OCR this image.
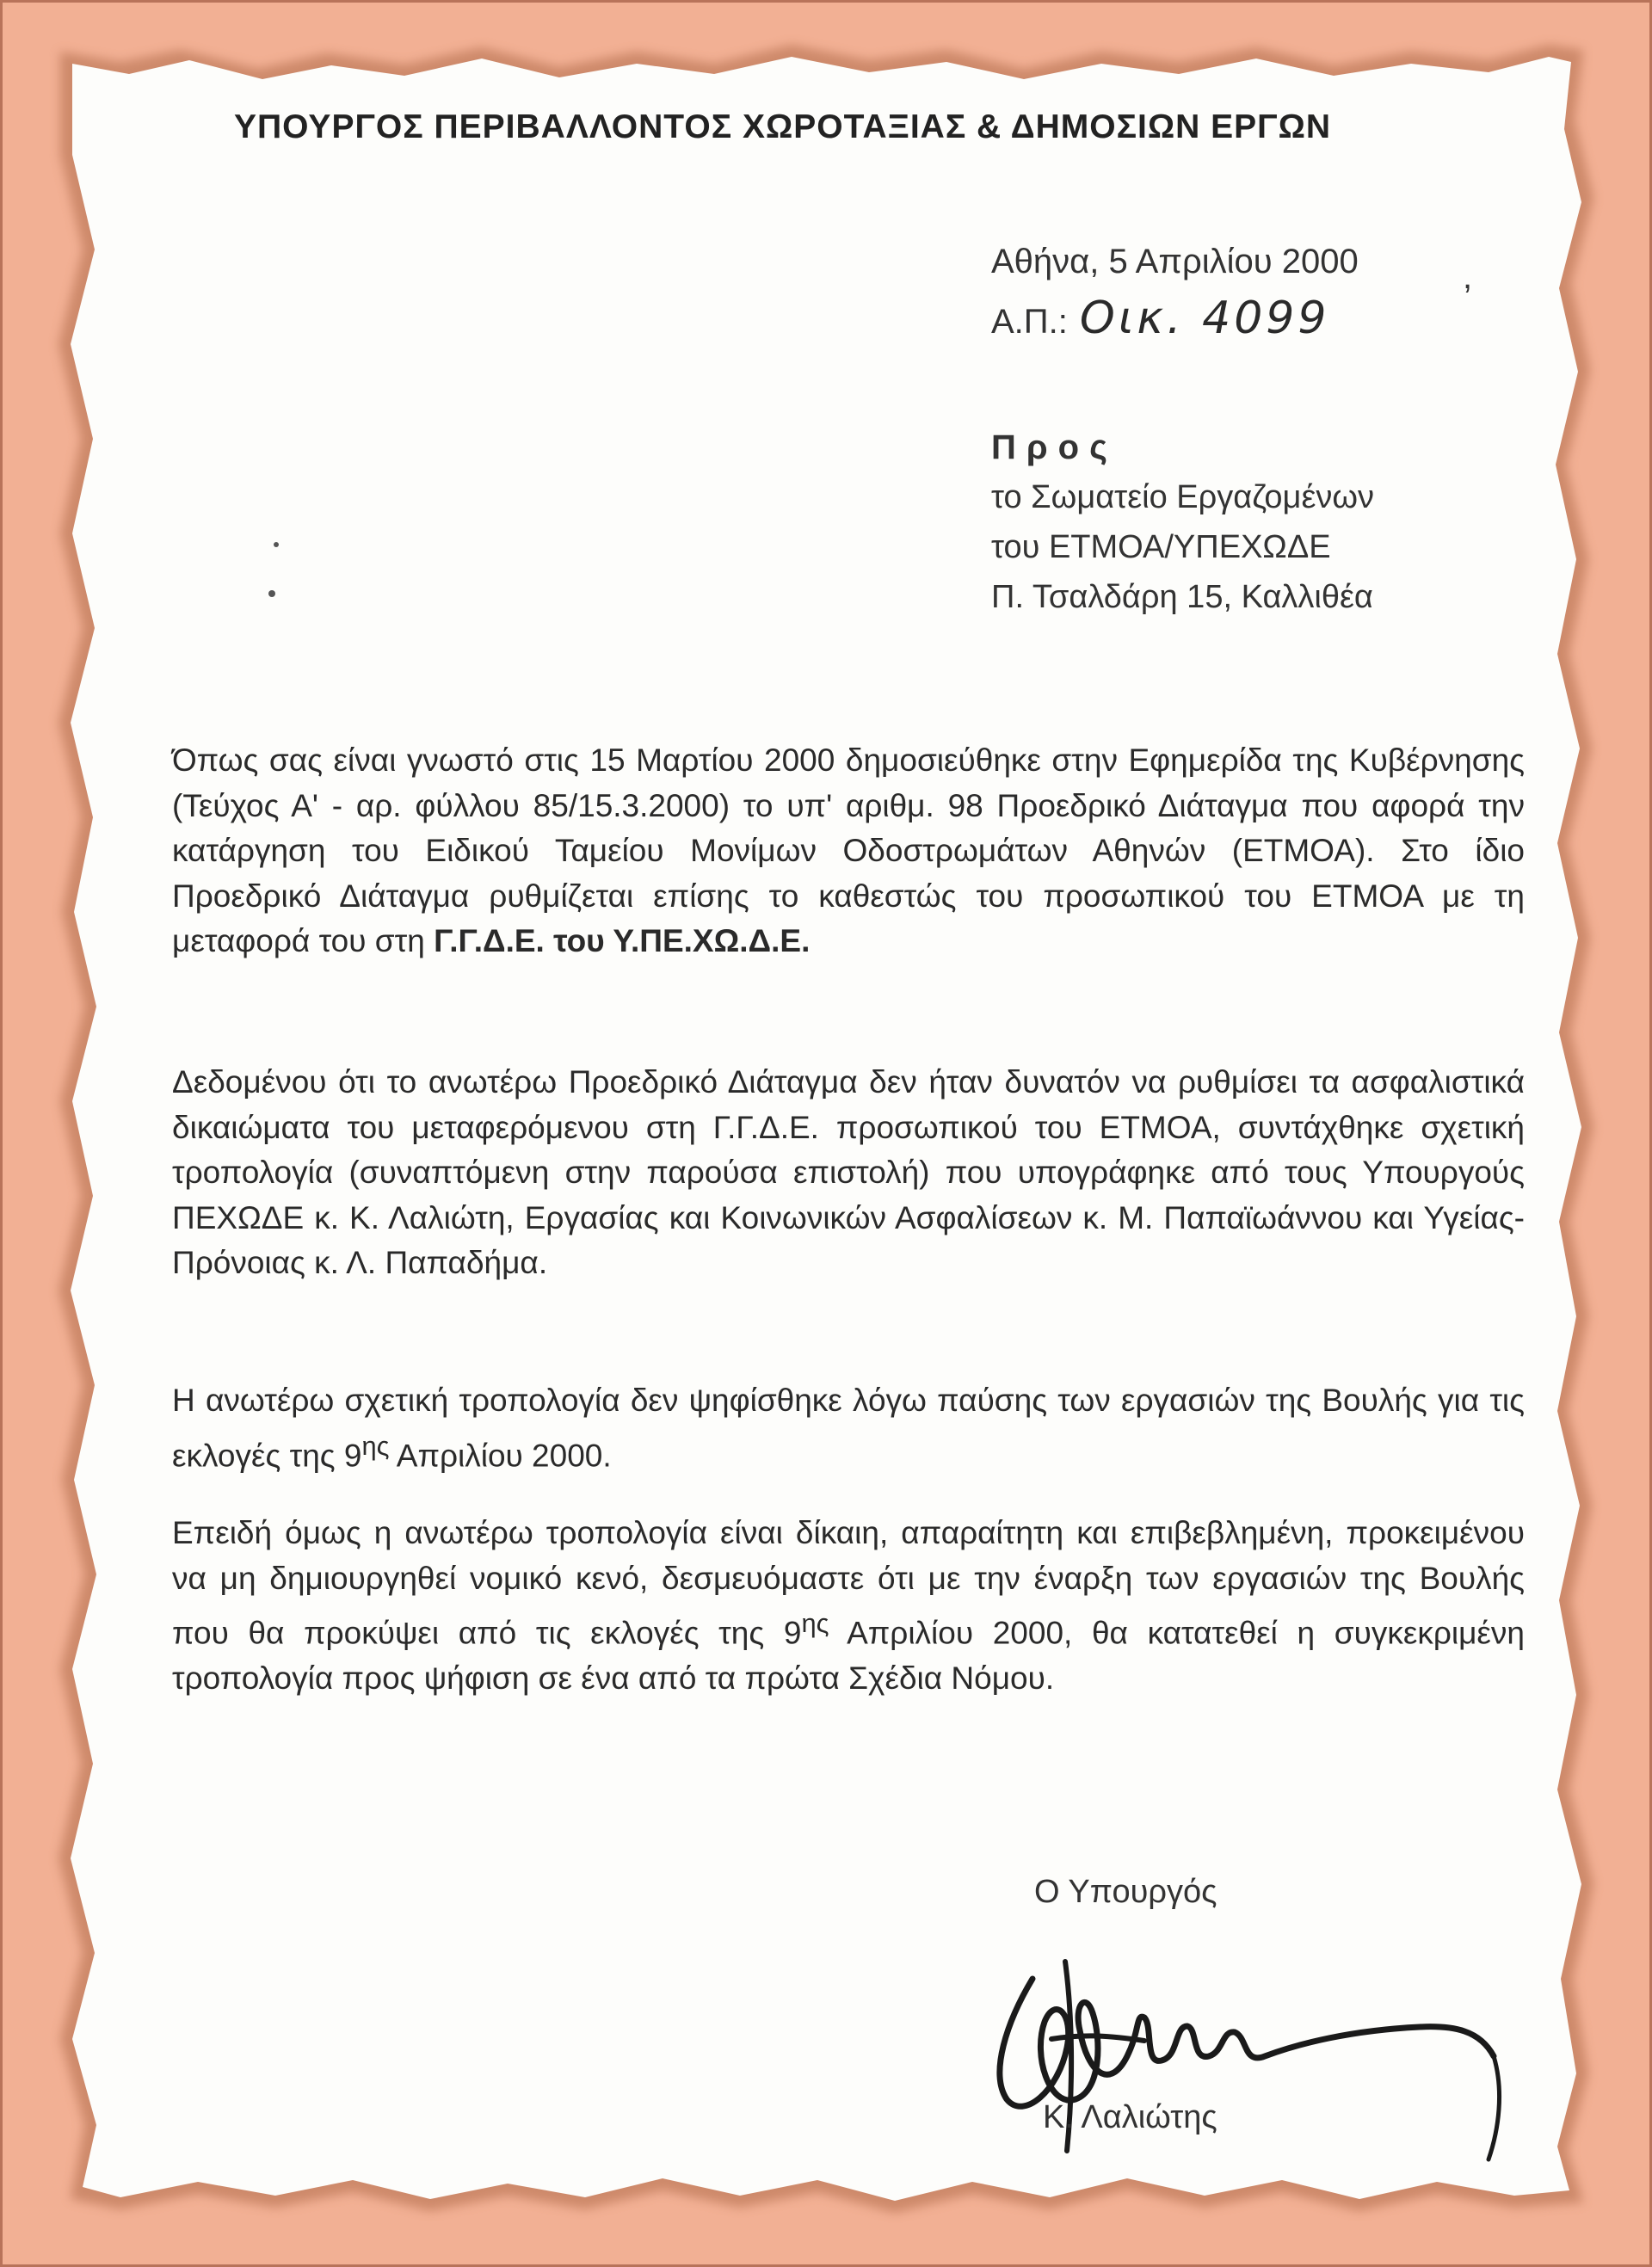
ΥΠΟΥΡΓΟΣ ΠΕΡΙΒΑΛΛΟΝΤΟΣ ΧΩΡΟΤΑΞΙΑΣ & ΔΗΜΟΣΙΩΝ ΕΡΓΩΝ
Αθήνα, 5 Απριλίου 2000	,
Α.Π.: Οικ. 4099
Προς
το Σωματείο Εργαζομένων
του ΕΤΜΟΑ/ΥΠΕΧΩΔΕ
Π. Τσαλδάρη 15, Καλλιθέα
Όπως σας είναι γνωστό στις 15 Μαρτίου 2000 δημοσιεύθηκε στην Εφημερίδα της Κυβέρνησης (Τεύχος Α' - αρ. φύλλου 85/15.3.2000) το υπ' αριθμ. 98 Προεδρικό Διάταγμα που αφορά την κατάργηση του Ειδικού Ταμείου Μονίμων Οδοστρωμάτων Αθηνών (ΕΤΜΟΑ). Στο ίδιο Προεδρικό Διάταγμα ρυθμίζεται επίσης το καθεστώς του προσωπικού του ΕΤΜΟΑ με τη μεταφορά του στη Γ.Γ.Δ.Ε. του Υ.ΠΕ.ΧΩ.Δ.Ε.
Δεδομένου ότι το ανωτέρω Προεδρικό Διάταγμα δεν ήταν δυνατόν να ρυθμίσει τα ασφαλιστικά δικαιώματα του μεταφερόμενου στη Γ.Γ.Δ.Ε. προσωπικού του ΕΤΜΟΑ, συντάχθηκε σχετική τροπολογία (συναπτόμενη στην παρούσα επιστολή) που υπογράφηκε από τους Υπουργούς ΠΕΧΩΔΕ κ. Κ. Λαλιώτη, Εργασίας και Κοινωνικών Ασφαλίσεων κ. Μ. Παπαϊωάννου και Υγείας-Πρόνοιας κ. Λ. Παπαδήμα.
Η ανωτέρω σχετική τροπολογία δεν ψηφίσθηκε λόγω παύσης των εργασιών της Βουλής για τις εκλογές της $9^{\eta\varsigma}$ Απριλίου 2000.
Επειδή όμως η ανωτέρω τροπολογία είναι δίκαιη, απαραίτητη και επιβεβλημένη, προκειμένου να μη δημιουργηθεί νομικό κενό, δεσμευόμαστε ότι με την έναρξη των εργασιών της Βουλής που θα προκύψει από τις εκλογές της $9^{\eta\varsigma}$ Απριλίου 2000, θα κατατεθεί η συγκεκριμένη τροπολογία προς ψήφιση σε ένα από τα πρώτα Σχέδια Νόμου.
Ο Υπουργός
Κ. Λαλιώτης
